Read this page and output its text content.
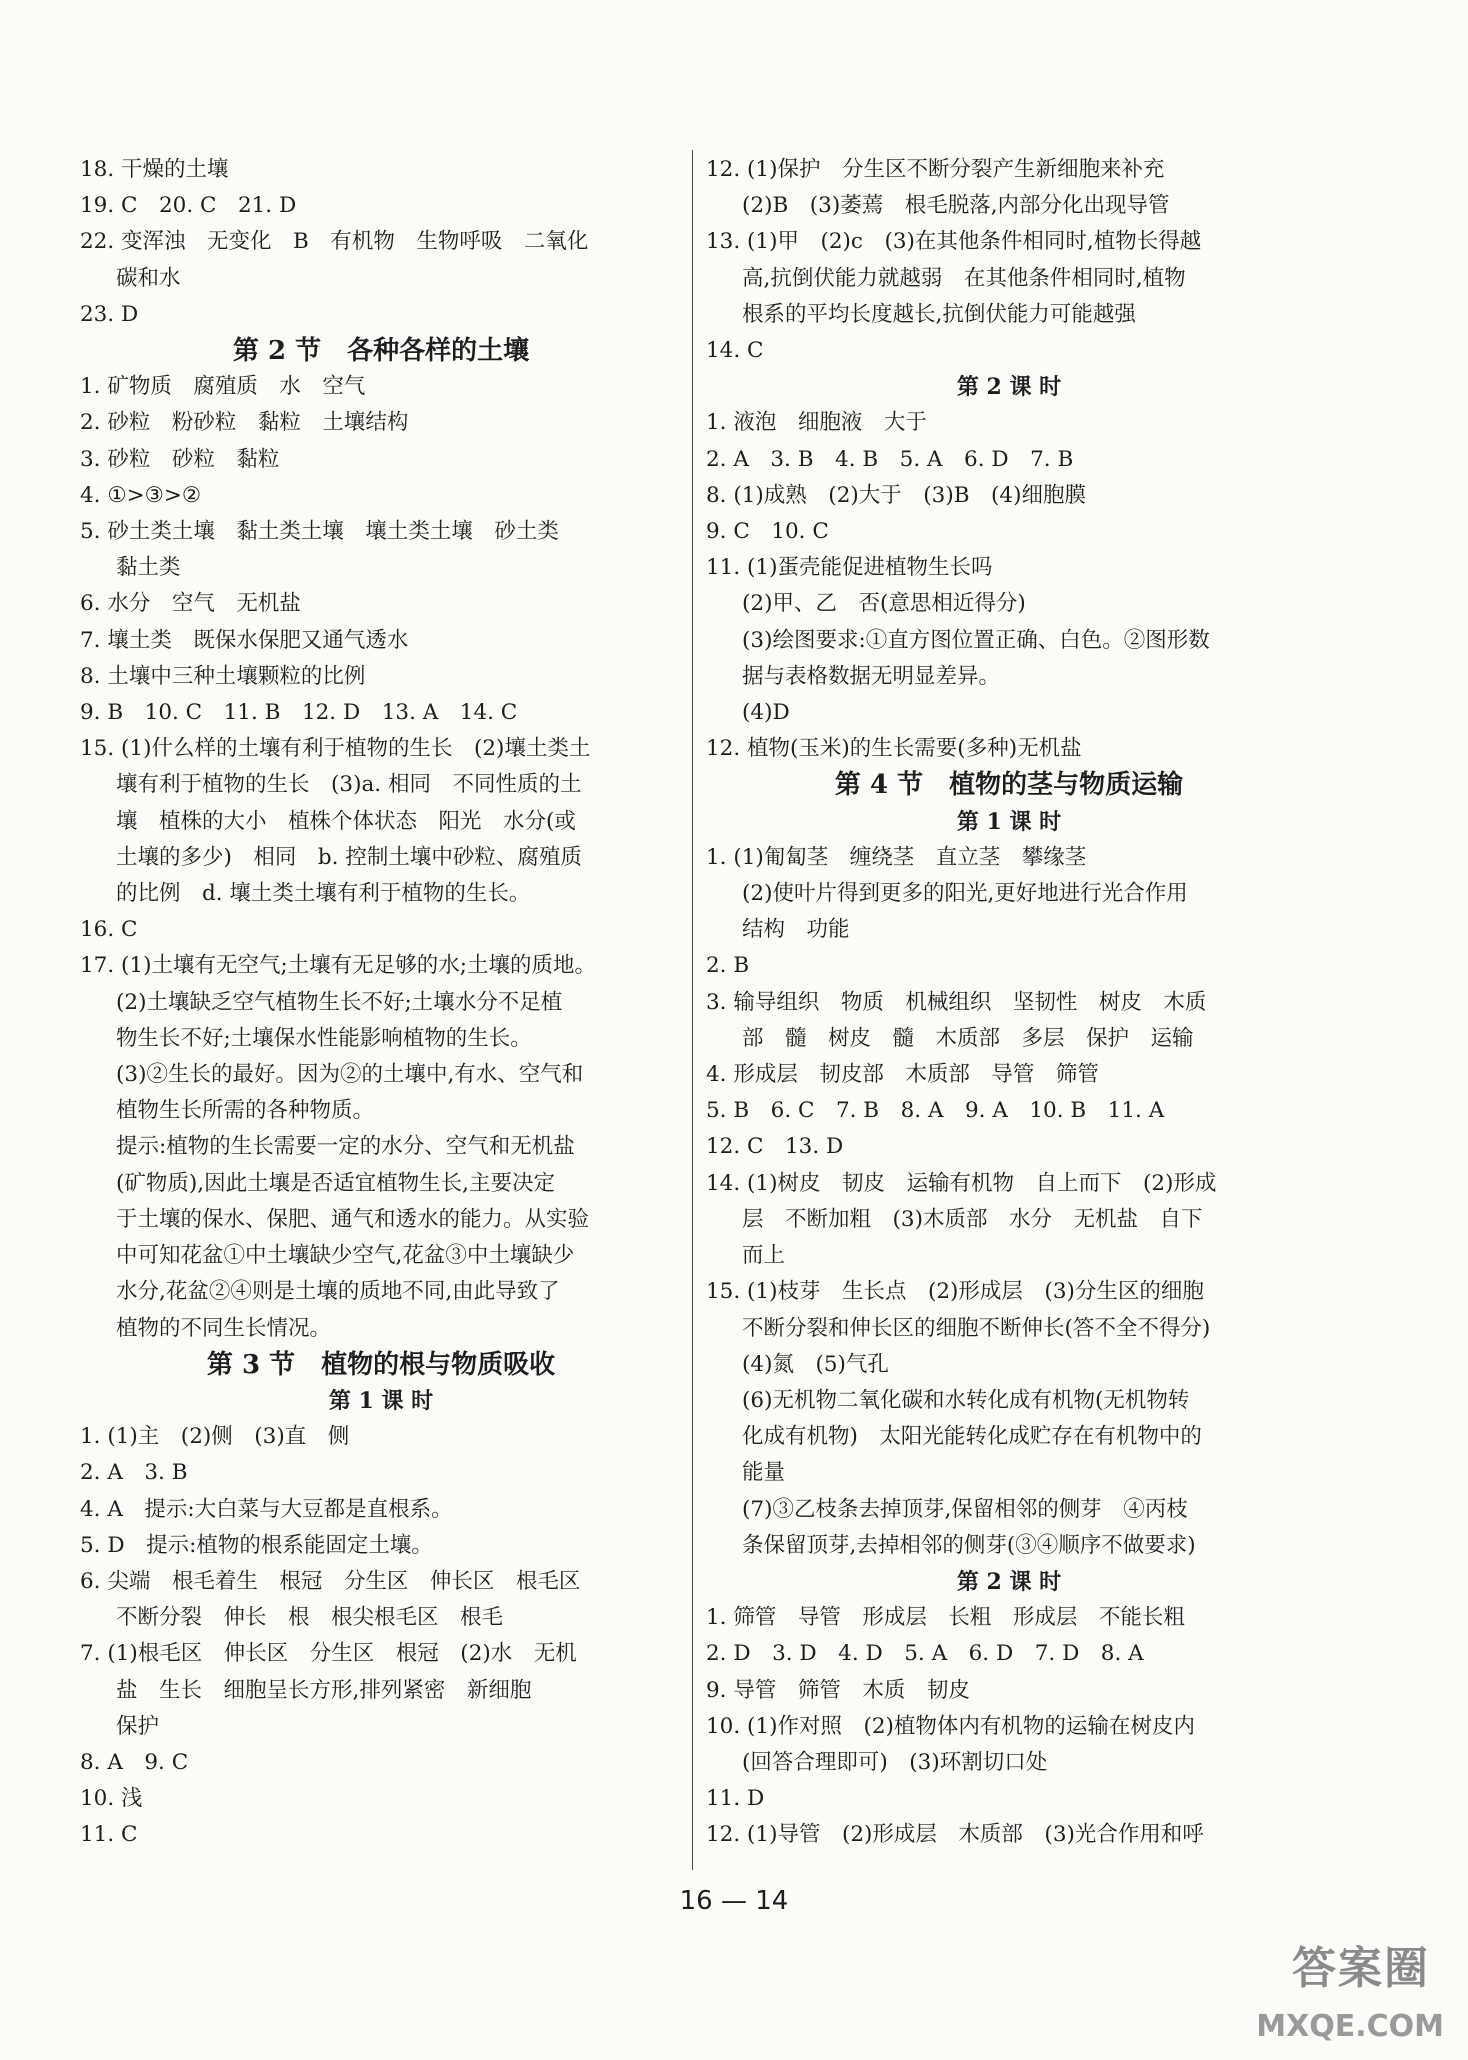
18. 干燥的土壤
19. C　20. C　21. D
22. 变浑浊　无变化　B　有机物　生物呼吸　二氧化
碳和水
23. D
第 2 节　各种各样的土壤
1. 矿物质　腐殖质　水　空气
2. 砂粒　粉砂粒　黏粒　土壤结构
3. 砂粒　砂粒　黏粒
4. ①>③>②
5. 砂土类土壤　黏土类土壤　壤土类土壤　砂土类
黏土类
6. 水分　空气　无机盐
7. 壤土类　既保水保肥又通气透水
8. 土壤中三种土壤颗粒的比例
9. B　10. C　11. B　12. D　13. A　14. C
15. (1)什么样的土壤有利于植物的生长　(2)壤土类土
壤有利于植物的生长　(3)a. 相同　不同性质的土
壤　植株的大小　植株个体状态　阳光　水分(或
土壤的多少)　相同　b. 控制土壤中砂粒、腐殖质
的比例　d. 壤土类土壤有利于植物的生长。
16. C
17. (1)土壤有无空气;土壤有无足够的水;土壤的质地。
(2)土壤缺乏空气植物生长不好;土壤水分不足植
物生长不好;土壤保水性能影响植物的生长。
(3)②生长的最好。因为②的土壤中,有水、空气和
植物生长所需的各种物质。
提示:植物的生长需要一定的水分、空气和无机盐
(矿物质),因此土壤是否适宜植物生长,主要决定
于土壤的保水、保肥、通气和透水的能力。从实验
中可知花盆①中土壤缺少空气,花盆③中土壤缺少
水分,花盆②④则是土壤的质地不同,由此导致了
植物的不同生长情况。
第 3 节　植物的根与物质吸收
第 1 课 时
1. (1)主　(2)侧　(3)直　侧
2. A　3. B
4. A　提示:大白菜与大豆都是直根系。
5. D　提示:植物的根系能固定土壤。
6. 尖端　根毛着生　根冠　分生区　伸长区　根毛区
不断分裂　伸长　根　根尖根毛区　根毛
7. (1)根毛区　伸长区　分生区　根冠　(2)水　无机
盐　生长　细胞呈长方形,排列紧密　新细胞
保护
8. A　9. C
10. 浅
11. C
12. (1)保护　分生区不断分裂产生新细胞来补充
(2)B　(3)萎蔫　根毛脱落,内部分化出现导管
13. (1)甲　(2)c　(3)在其他条件相同时,植物长得越
高,抗倒伏能力就越弱　在其他条件相同时,植物
根系的平均长度越长,抗倒伏能力可能越强
14. C
第 2 课 时
1. 液泡　细胞液　大于
2. A　3. B　4. B　5. A　6. D　7. B
8. (1)成熟　(2)大于　(3)B　(4)细胞膜
9. C　10. C
11. (1)蛋壳能促进植物生长吗
(2)甲、乙　否(意思相近得分)
(3)绘图要求:①直方图位置正确、白色。②图形数
据与表格数据无明显差异。
(4)D
12. 植物(玉米)的生长需要(多种)无机盐
第 4 节　植物的茎与物质运输
第 1 课 时
1. (1)匍匐茎　缠绕茎　直立茎　攀缘茎
(2)使叶片得到更多的阳光,更好地进行光合作用
结构　功能
2. B
3. 输导组织　物质　机械组织　坚韧性　树皮　木质
部　髓　树皮　髓　木质部　多层　保护　运输
4. 形成层　韧皮部　木质部　导管　筛管
5. B　6. C　7. B　8. A　9. A　10. B　11. A
12. C　13. D
14. (1)树皮　韧皮　运输有机物　自上而下　(2)形成
层　不断加粗　(3)木质部　水分　无机盐　自下
而上
15. (1)枝芽　生长点　(2)形成层　(3)分生区的细胞
不断分裂和伸长区的细胞不断伸长(答不全不得分)
(4)氮　(5)气孔
(6)无机物二氧化碳和水转化成有机物(无机物转
化成有机物)　太阳光能转化成贮存在有机物中的
能量
(7)③乙枝条去掉顶芽,保留相邻的侧芽　④丙枝
条保留顶芽,去掉相邻的侧芽(③④顺序不做要求)
第 2 课 时
1. 筛管　导管　形成层　长粗　形成层　不能长粗
2. D　3. D　4. D　5. A　6. D　7. D　8. A
9. 导管　筛管　木质　韧皮
10. (1)作对照　(2)植物体内有机物的运输在树皮内
(回答合理即可)　(3)环割切口处
11. D
12. (1)导管　(2)形成层　木质部　(3)光合作用和呼
16 — 14
答案圈
MXQE.COM
